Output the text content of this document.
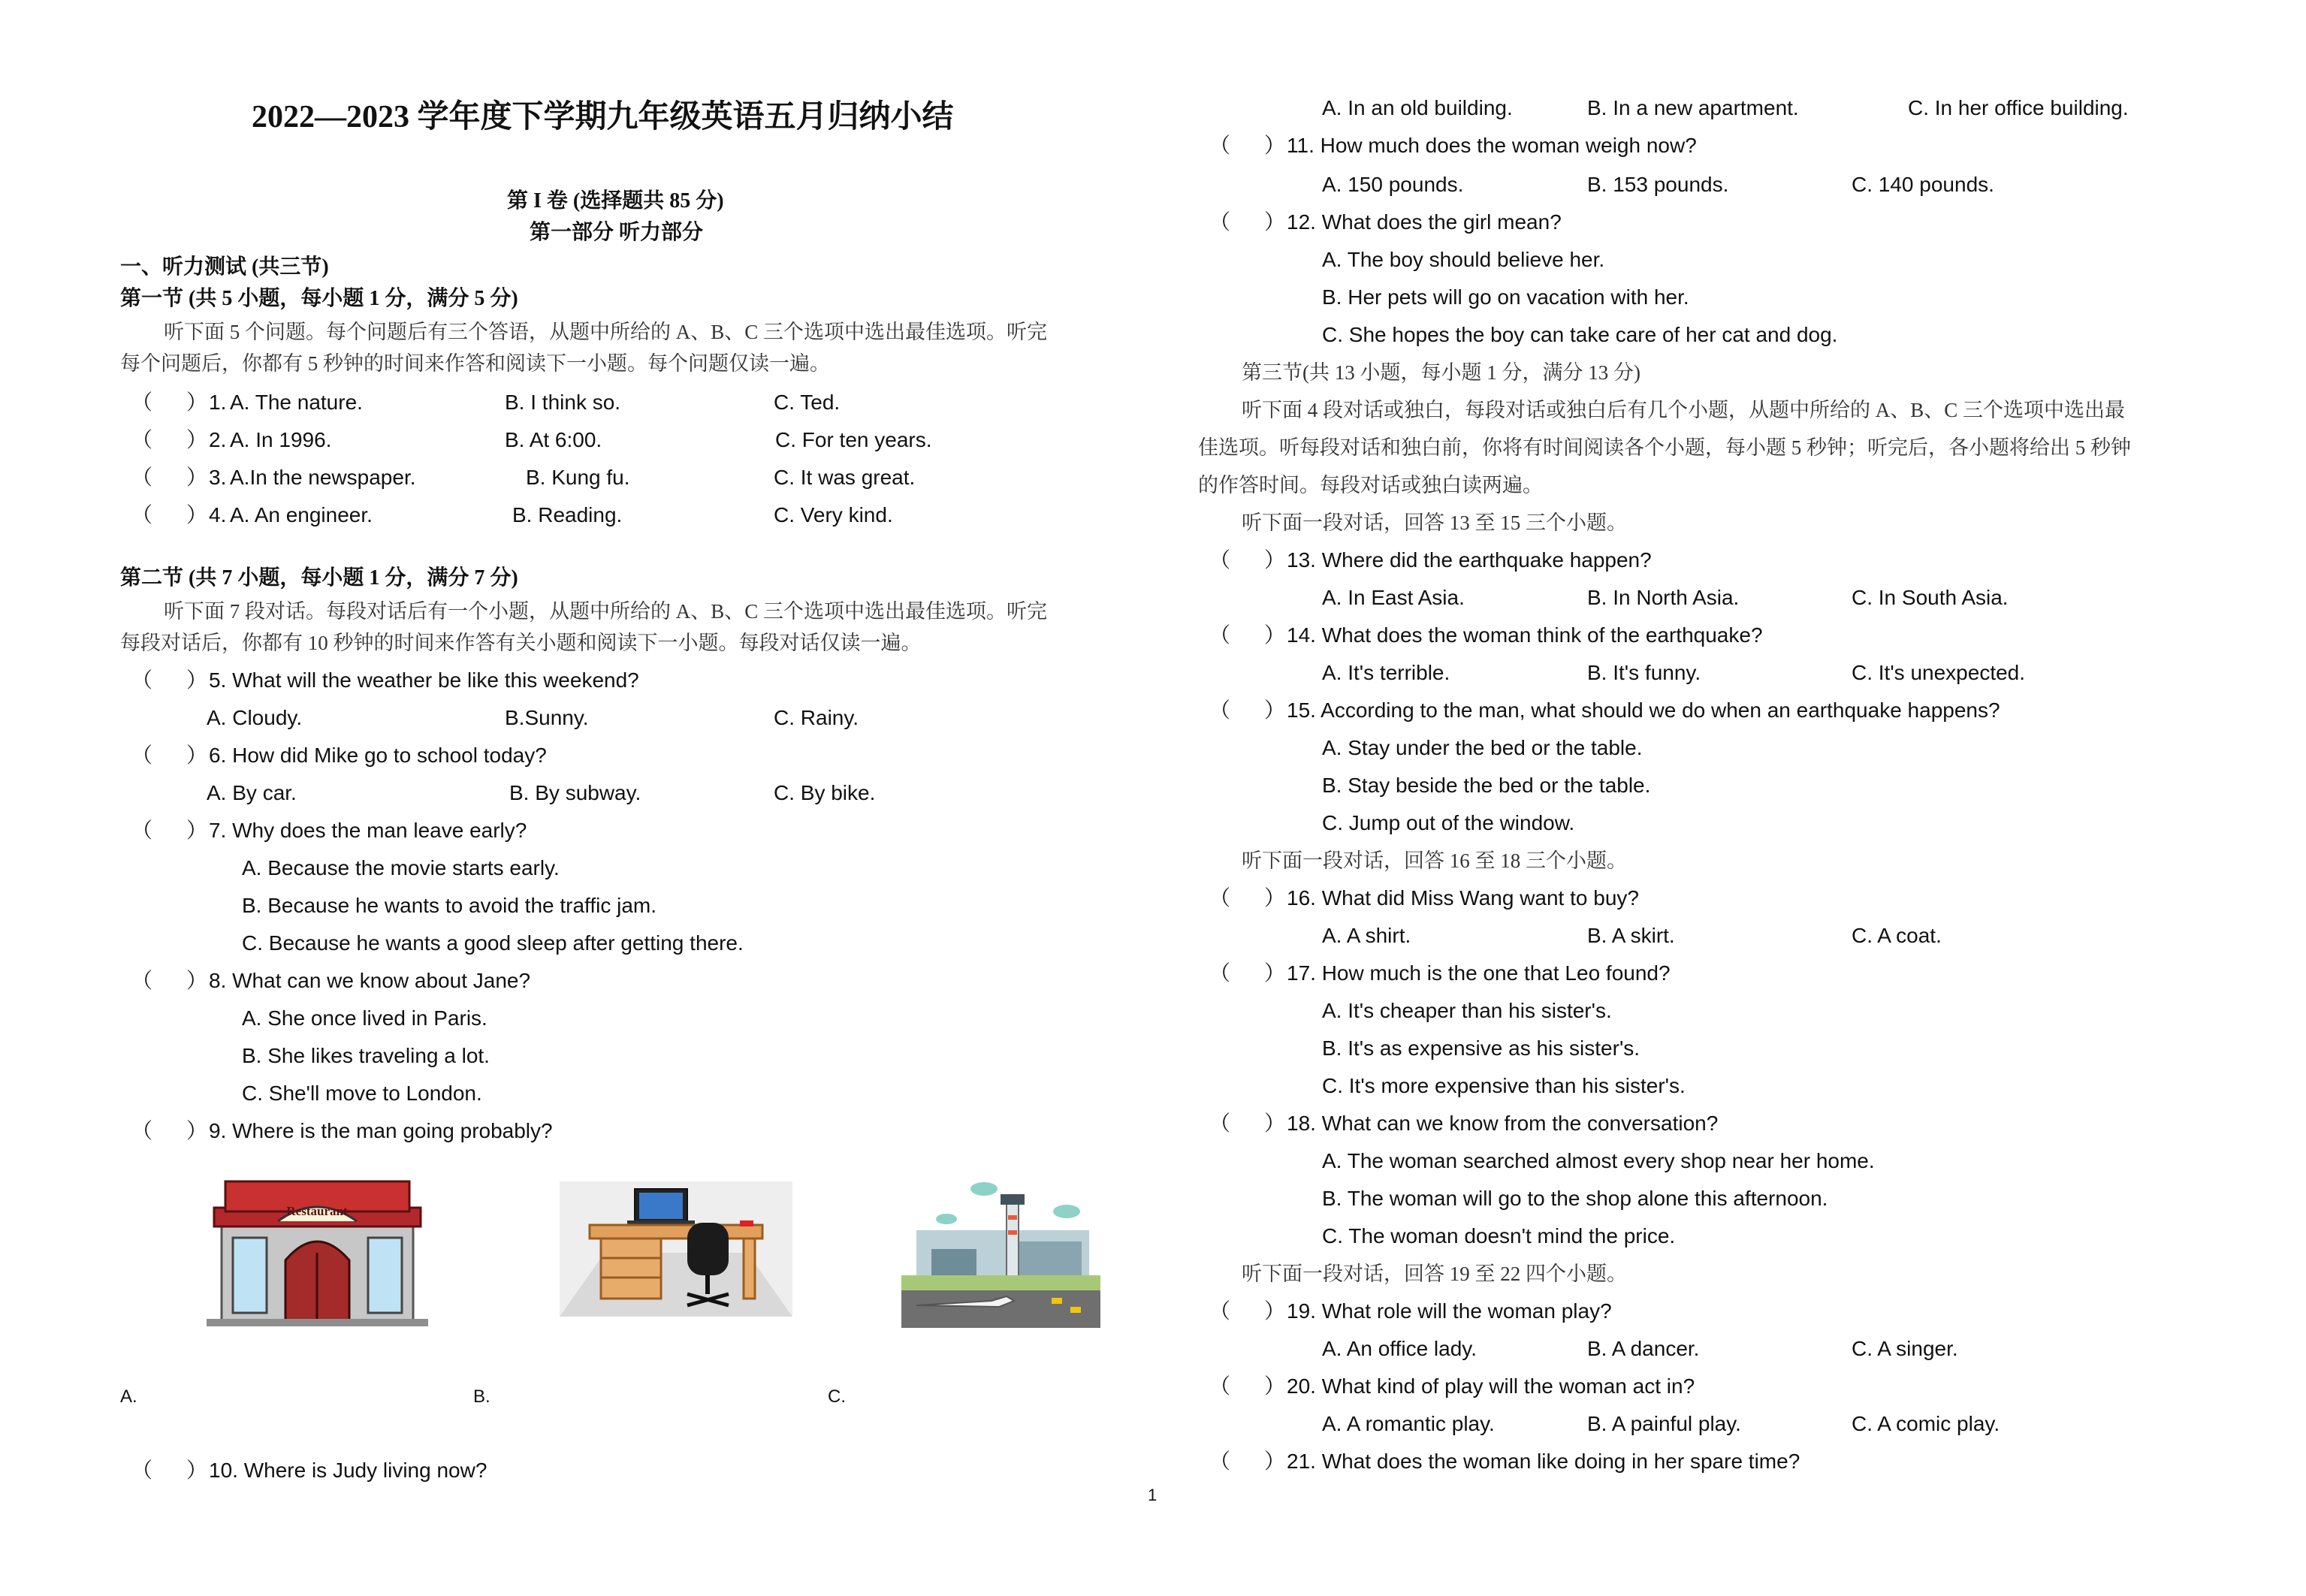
2022—2023 学年度下学期九年级英语五月归纳小结
第 I 卷 (选择题共 85 分)
第一部分 听力部分
一、听力测试 (共三节)
第一节 (共 5 小题，每小题 1 分，满分 5 分)
听下面 5 个问题。每个问题后有三个答语，从题中所给的 A、B、C 三个选项中选出最佳选项。听完
每个问题后，你都有 5 秒钟的时间来作答和阅读下一小题。每个问题仅读一遍。
（ ） 1. A. The nature.	B. I think so.	C. Ted.
（ ） 2. A. In 1996.	B. At 6:00.	C. For ten years.
（ ） 3. A.In the newspaper.	B. Kung fu.	C. It was great.
（ ） 4. A. An engineer.	B. Reading.	C. Very kind.
第二节 (共 7 小题，每小题 1 分，满分 7 分)
听下面 7 段对话。每段对话后有一个小题，从题中所给的 A、B、C 三个选项中选出最佳选项。听完
每段对话后，你都有 10 秒钟的时间来作答有关小题和阅读下一小题。每段对话仅读一遍。
（ ） 5. What will the weather be like this weekend?
A. Cloudy.	B.Sunny.	C. Rainy.
（ ） 6. How did Mike go to school today?
A. By car.	B. By subway.	C. By bike.
（ ） 7. Why does the man leave early?
A. Because the movie starts early.
B. Because he wants to avoid the traffic jam.
C. Because he wants a good sleep after getting there.
（ ） 8. What can we know about Jane?
A. She once lived in Paris.
B. She likes traveling a lot.
C. She'll move to London.
（ ） 9. Where is the man going probably?
Restaurant
A.	B.	C.
（ ） 10. Where is Judy living now?
A. In an old building.	B. In a new apartment.	C. In her office building.
（ ） 11. How much does the woman weigh now?
A. 150 pounds.	B. 153 pounds.	C. 140 pounds.
（ ） 12. What does the girl mean?
A. The boy should believe her.
B. Her pets will go on vacation with her.
C. She hopes the boy can take care of her cat and dog.
第三节(共 13 小题，每小题 1 分，满分 13 分)
听下面 4 段对话或独白，每段对话或独白后有几个小题，从题中所给的 A、B、C 三个选项中选出最
佳选项。听每段对话和独白前，你将有时间阅读各个小题，每小题 5 秒钟；听完后，各小题将给出 5 秒钟
的作答时间。每段对话或独白读两遍。
听下面一段对话，回答 13 至 15 三个小题。
（ ） 13. Where did the earthquake happen?
A. In East Asia.	B. In North Asia.	C. In South Asia.
（ ） 14. What does the woman think of the earthquake?
A. It's terrible.	B. It's funny.	C. It's unexpected.
（ ） 15. According to the man, what should we do when an earthquake happens?
A. Stay under the bed or the table.
B. Stay beside the bed or the table.
C. Jump out of the window.
听下面一段对话，回答 16 至 18 三个小题。
（ ） 16. What did Miss Wang want to buy?
A. A shirt.	B. A skirt.	C. A coat.
（ ） 17. How much is the one that Leo found?
A. It's cheaper than his sister's.
B. It's as expensive as his sister's.
C. It's more expensive than his sister's.
（ ） 18. What can we know from the conversation?
A. The woman searched almost every shop near her home.
B. The woman will go to the shop alone this afternoon.
C. The woman doesn't mind the price.
听下面一段对话，回答 19 至 22 四个小题。
（ ） 19. What role will the woman play?
A. An office lady.	B. A dancer.	C. A singer.
（ ） 20. What kind of play will the woman act in?
A. A romantic play.	B. A painful play.	C. A comic play.
（ ） 21. What does the woman like doing in her spare time?
1
